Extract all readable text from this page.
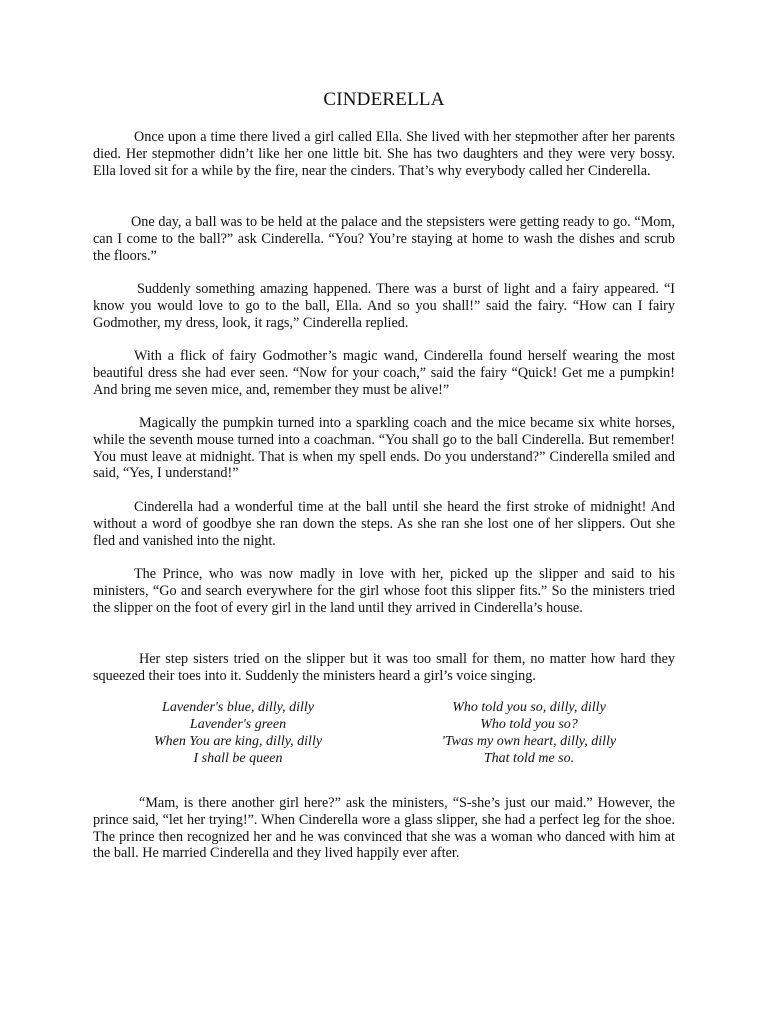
CINDERELLA

Once upon a time there lived a girl called Ella. She lived with her stepmother after her parents died. Her stepmother didn’t like her one little bit. She has two daughters and they were very bossy. Ella loved sit for a while by the fire, near the cinders. That’s why everybody called her Cinderella.

One day, a ball was to be held at the palace and the stepsisters were getting ready to go. “Mom, can I come to the ball?” ask Cinderella. “You? You’re staying at home to wash the dishes and scrub the floors.”

Suddenly something amazing happened. There was a burst of light and a fairy appeared. “I know you would love to go to the ball, Ella. And so you shall!” said the fairy. “How can I fairy Godmother, my dress, look, it rags,” Cinderella replied.

With a flick of fairy Godmother’s magic wand, Cinderella found herself wearing the most beautiful dress she had ever seen. “Now for your coach,” said the fairy “Quick! Get me a pumpkin! And bring me seven mice, and, remember they must be alive!”

Magically the pumpkin turned into a sparkling coach and the mice became six white horses, while the seventh mouse turned into a coachman. “You shall go to the ball Cinderella. But remember! You must leave at midnight. That is when my spell ends. Do you understand?” Cinderella smiled and said, “Yes, I understand!”

Cinderella had a wonderful time at the ball until she heard the first stroke of midnight! And without a word of goodbye she ran down the steps. As she ran she lost one of her slippers. Out she fled and vanished into the night.

The Prince, who was now madly in love with her, picked up the slipper and said to his ministers, “Go and search everywhere for the girl whose foot this slipper fits.” So the ministers tried the slipper on the foot of every girl in the land until they arrived in Cinderella’s house.

Her step sisters tried on the slipper but it was too small for them, no matter how hard they squeezed their toes into it. Suddenly the ministers heard a girl’s voice singing.

Lavender's blue, dilly, dilly
Lavender's green
When You are king, dilly, dilly
I shall be queen
Who told you so, dilly, dilly
Who told you so?
'Twas my own heart, dilly, dilly
That told me so.

“Mam, is there another girl here?” ask the ministers, “S-she’s just our maid.” However, the prince said, “let her trying!”. When Cinderella wore a glass slipper, she had a perfect leg for the shoe. The prince then recognized her and he was convinced that she was a woman who danced with him at the ball. He married Cinderella and they lived happily ever after.
